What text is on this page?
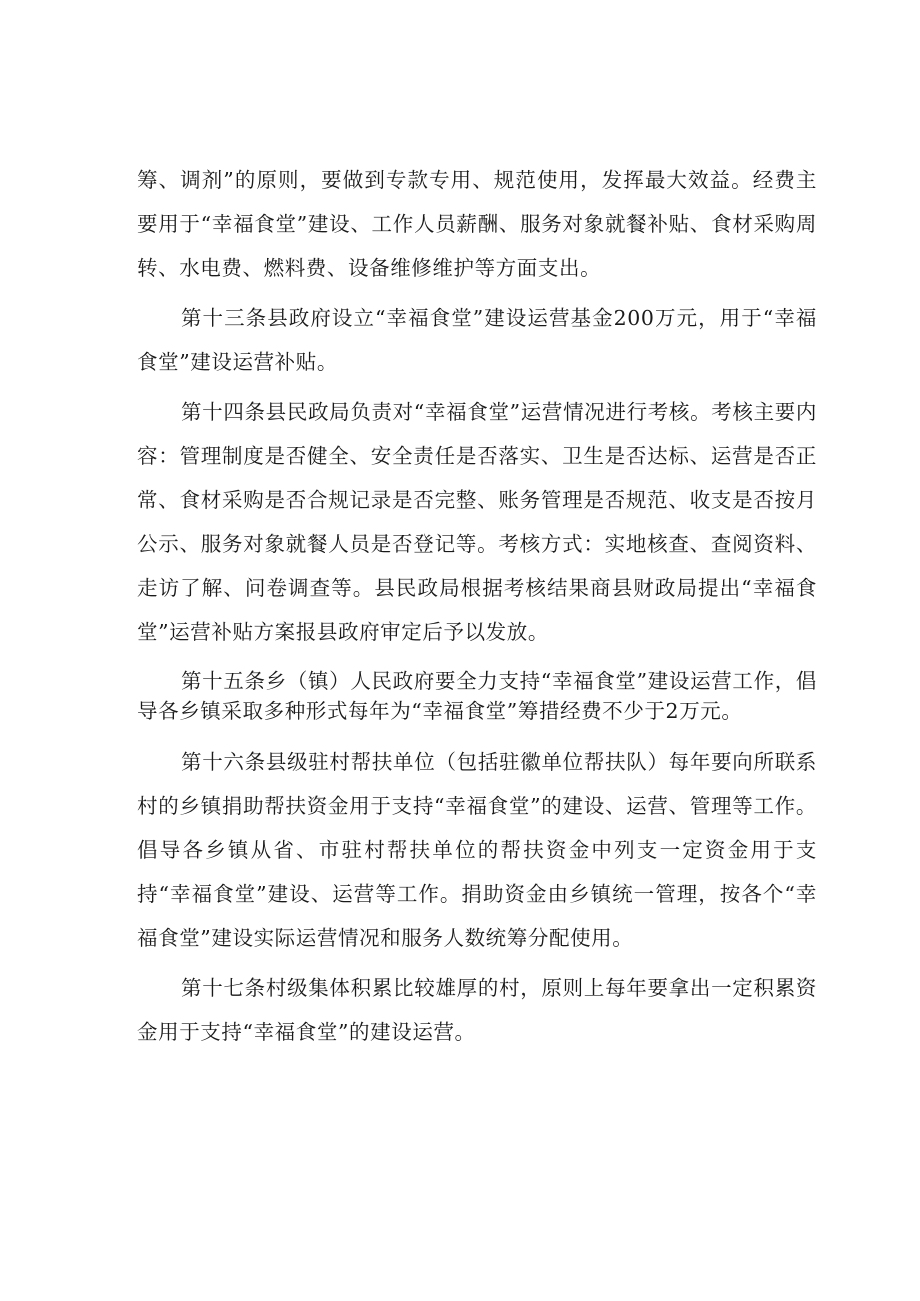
筹、调剂”的原则，要做到专款专用、规范使用，发挥最大效益。经费主要用于“幸福食堂”建设、工作人员薪酬、服务对象就餐补贴、食材采购周转、水电费、燃料费、设备维修维护等方面支出。

第十三条县政府设立“幸福食堂”建设运营基金200万元，用于“幸福食堂”建设运营补贴。

第十四条县民政局负责对“幸福食堂”运营情况进行考核。考核主要内容：管理制度是否健全、安全责任是否落实、卫生是否达标、运营是否正常、食材采购是否合规记录是否完整、账务管理是否规范、收支是否按月公示、服务对象就餐人员是否登记等。考核方式：实地核查、查阅资料、走访了解、问卷调查等。县民政局根据考核结果商县财政局提出“幸福食堂”运营补贴方案报县政府审定后予以发放。

第十五条乡（镇）人民政府要全力支持“幸福食堂”建设运营工作，倡导各乡镇采取多种形式每年为“幸福食堂”筹措经费不少于2万元。

第十六条县级驻村帮扶单位（包括驻徽单位帮扶队）每年要向所联系村的乡镇捐助帮扶资金用于支持“幸福食堂”的建设、运营、管理等工作。倡导各乡镇从省、市驻村帮扶单位的帮扶资金中列支一定资金用于支持“幸福食堂”建设、运营等工作。捐助资金由乡镇统一管理，按各个“幸福食堂”建设实际运营情况和服务人数统筹分配使用。

第十七条村级集体积累比较雄厚的村，原则上每年要拿出一定积累资金用于支持“幸福食堂”的建设运营。
